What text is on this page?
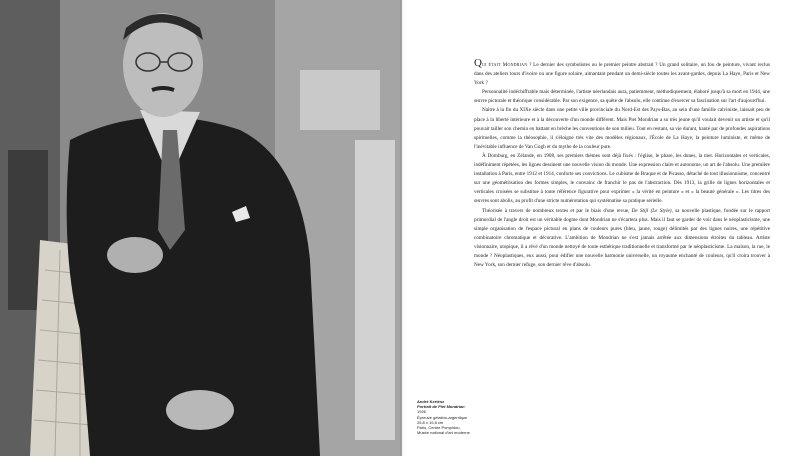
André Kertész
Portrait de Piet Mondrian
1926
Épreuve gélatino-argentique
25,8 x 19,8 cm
Paris, Centre Pompidou,
Musée national d'art moderne

Qui était Mondrian ? Le dernier des symbolistes ou le premier peintre abstrait ? Un grand solitaire, un fou de peinture, vivant reclus dans des ateliers tours d'ivoire ou une figure solaire, aimantant pendant un demi-siècle toutes les avant-gardes, depuis La Haye, Paris et New York ?

Personnalité indéchiffrable mais déterminée, l'artiste néerlandais aura, patiemment, méthodiquement, élaboré jusqu'à sa mort en 1944, une œuvre picturale et théorique considérable. Par son exigence, sa quête de l'absolu, elle continue d'exercer sa fascination sur l'art d'aujourd'hui.

Naître à la fin du XIXe siècle dans une petite ville provinciale du Nord-Est des Pays-Bas, au sein d'une famille calviniste, laissait peu de place à la liberté intérieure et à la découverte d'un monde différent. Mais Piet Mondrian a su très jeune qu'il voulait devenir un artiste et qu'il pouvait tailler son chemin en battant en brèche les conventions de son milieu. Tout en restant, sa vie durant, hanté par de profondes aspirations spirituelles, comme la théosophie, il s'éloigne très vite des modèles régionaux, l'École de La Haye, la peinture luministe, et même de l'inévitable influence de Van Gogh et du mythe de la couleur pure.

À Domburg, en Zélande, en 1908, ses premiers thèmes sont déjà fixés : l'église, le phare, les dunes, la mer. Horizontales et verticales, indéfiniment répétées, les lignes dessinent une nouvelle vision du monde. Une expression claire et autonome, un art de l'absolu. Une première installation à Paris, entre 1912 et 1914, conforte ses convictions. Le cubisme de Braque et de Picasso, détaché de tout illusionnisme, concentré sur une géométrisation des formes simples, le convainc de franchir le pas de l'abstraction. Dès 1913, la grille de lignes horizontales et verticales croisées se substitue à toute référence figurative pour exprimer « la vérité en peinture » et « la beauté générale ». Les titres des œuvres sont abolis, au profit d'une stricte numérotation qui systématise sa pratique sérielle.

Théorisée à travers de nombreux textes et par le biais d'une revue, De Stijl (Le Style), sa nouvelle plastique, fondée sur le rapport primordial de l'angle droit est un véritable dogme dont Mondrian ne s'écartera plus. Mais il faut se garder de voir dans le néoplasticisme, une simple organisation de l'espace pictural en plans de couleurs pures (bleu, jaune, rouge) délimités par des lignes noires, une répétitive combinatoire chromatique et décorative. L'ambition de Mondrian ne s'est jamais arrêtée aux dimensions étroites du tableau. Artiste visionnaire, utopique, il a rêvé d'un monde nettoyé de toute esthétique traditionnelle et transformé par le néoplasticisme. La maison, la rue, le monde ? Néoplastiques, eux aussi, pour édifier une nouvelle harmonie universelle, un royaume enchanté de couleurs, qu'il croira trouver à New York, son dernier refuge, son dernier rêve d'absolu.
